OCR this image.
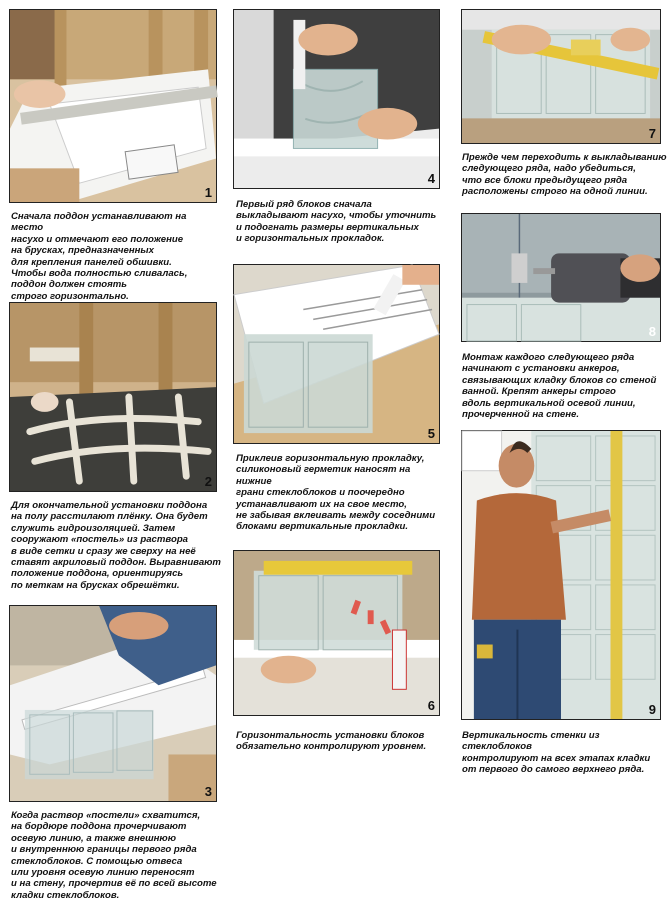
1

Сначала поддон устанавливают на место
насухо и отмечают его положение
на брусках, предназначенных
для крепления панелей обшивки.
Чтобы вода полностью сливалась,
поддон должен стоять
строго горизонтально.

2

Для окончательной установки поддона
на полу расстилают плёнку. Она будет
служить гидроизоляцией. Затем
сооружают «постель» из раствора
в виде сетки и сразу же сверху на неё
ставят акриловый поддон. Выравнивают
положение поддона, ориентируясь
по меткам на брусках обрешётки.

3

Когда раствор «постели» схватится,
на бордюре поддона прочерчивают
осевую линию, а также внешнюю
и внутреннюю границы первого ряда
стеклоблоков. С помощью отвеса
или уровня осевую линию переносят
и на стену, прочертив её по всей высоте
кладки стеклоблоков.

4

Первый ряд блоков сначала
выкладывают насухо, чтобы уточнить
и подогнать размеры вертикальных
и горизонтальных прокладок.

5

Приклеив горизонтальную прокладку,
силиконовый герметик наносят на нижние
грани стеклоблоков и поочередно
устанавливают их на свое место,
не забывая вклеивать между соседними
блоками вертикальные прокладки.

6

Горизонтальность установки блоков
обязательно контролируют уровнем.

7

Прежде чем переходить к выкладыванию
следующего ряда, надо убедиться,
что все блоки предыдущего ряда
расположены строго на одной линии.

8

Монтаж каждого следующего ряда
начинают с установки анкеров,
связывающих кладку блоков со стеной
ванной. Крепят анкеры строго
вдоль вертикальной осевой линии,
прочерченной на стене.

9

Вертикальность стенки из стеклоблоков
контролируют на всех этапах кладки
от первого до самого верхнего ряда.
